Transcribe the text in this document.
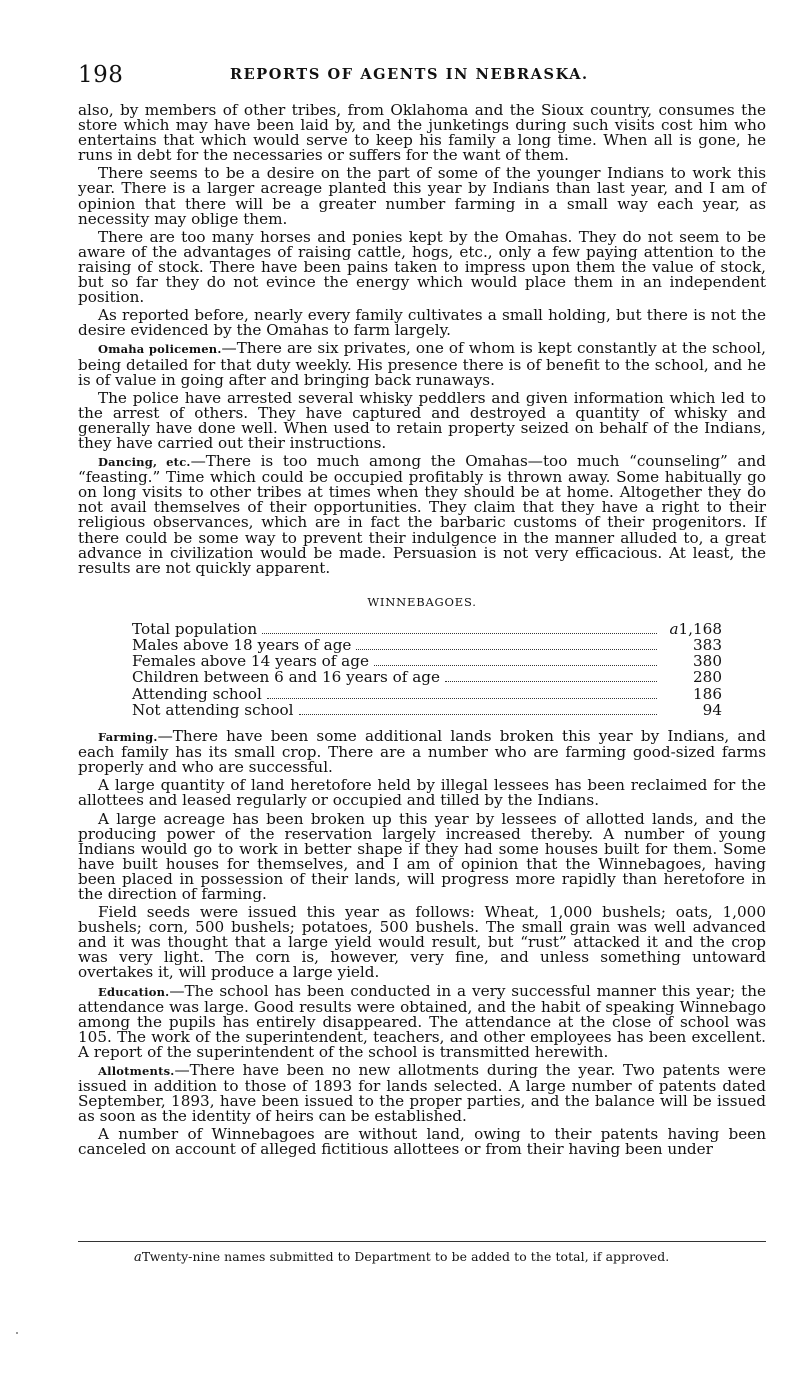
198	REPORTS OF AGENTS IN NEBRASKA.

also, by members of other tribes, from Oklahoma and the Sioux country, consumes the store which may have been laid by, and the junketings during such visits cost him who entertains that which would serve to keep his family a long time. When all is gone, he runs in debt for the necessaries or suffers for the want of them.

There seems to be a desire on the part of some of the younger Indians to work this year. There is a larger acreage planted this year by Indians than last year, and I am of opinion that there will be a greater number farming in a small way each year, as necessity may oblige them.

There are too many horses and ponies kept by the Omahas. They do not seem to be aware of the advantages of raising cattle, hogs, etc., only a few paying attention to the raising of stock. There have been pains taken to impress upon them the value of stock, but so far they do not evince the energy which would place them in an independent position.

As reported before, nearly every family cultivates a small holding, but there is not the desire evidenced by the Omahas to farm largely.

Omaha policemen.—There are six privates, one of whom is kept constantly at the school, being detailed for that duty weekly. His presence there is of benefit to the school, and he is of value in going after and bringing back runaways.

The police have arrested several whisky peddlers and given information which led to the arrest of others. They have captured and destroyed a quantity of whisky and generally have done well. When used to retain property seized on behalf of the Indians, they have carried out their instructions.

Dancing, etc.—There is too much among the Omahas—too much “counseling” and “feasting.” Time which could be occupied profitably is thrown away. Some habitually go on long visits to other tribes at times when they should be at home. Altogether they do not avail themselves of their opportunities. They claim that they have a right to their religious observances, which are in fact the barbaric customs of their progenitors. If there could be some way to prevent their indulgence in the manner alluded to, a great advance in civilization would be made. Persuasion is not very efficacious. At least, the results are not quickly apparent.

WINNEBAGOES.
Total population	a1,168
Males above 18 years of age	383
Females above 14 years of age	380
Children between 6 and 16 years of age	280
Attending school	186
Not attending school	94

Farming.—There have been some additional lands broken this year by Indians, and each family has its small crop. There are a number who are farming good-sized farms properly and who are successful.

A large quantity of land heretofore held by illegal lessees has been reclaimed for the allottees and leased regularly or occupied and tilled by the Indians.

A large acreage has been broken up this year by lessees of allotted lands, and the producing power of the reservation largely increased thereby. A number of young Indians would go to work in better shape if they had some houses built for them. Some have built houses for themselves, and I am of opinion that the Winnebagoes, having been placed in possession of their lands, will progress more rapidly than heretofore in the direction of farming.

Field seeds were issued this year as follows: Wheat, 1,000 bushels; oats, 1,000 bushels; corn, 500 bushels; potatoes, 500 bushels. The small grain was well advanced and it was thought that a large yield would result, but “rust” attacked it and the crop was very light. The corn is, however, very fine, and unless something untoward overtakes it, will produce a large yield.

Education.—The school has been conducted in a very successful manner this year; the attendance was large. Good results were obtained, and the habit of speaking Winnebago among the pupils has entirely disappeared. The attendance at the close of school was 105. The work of the superintendent, teachers, and other employees has been excellent. A report of the superintendent of the school is transmitted herewith.

Allotments.—There have been no new allotments during the year. Two patents were issued in addition to those of 1893 for lands selected. A large number of patents dated September, 1893, have been issued to the proper parties, and the balance will be issued as soon as the identity of heirs can be established.

A number of Winnebagoes are without land, owing to their patents having been canceled on account of alleged fictitious allottees or from their having been under

aTwenty-nine names submitted to Department to be added to the total, if approved.
